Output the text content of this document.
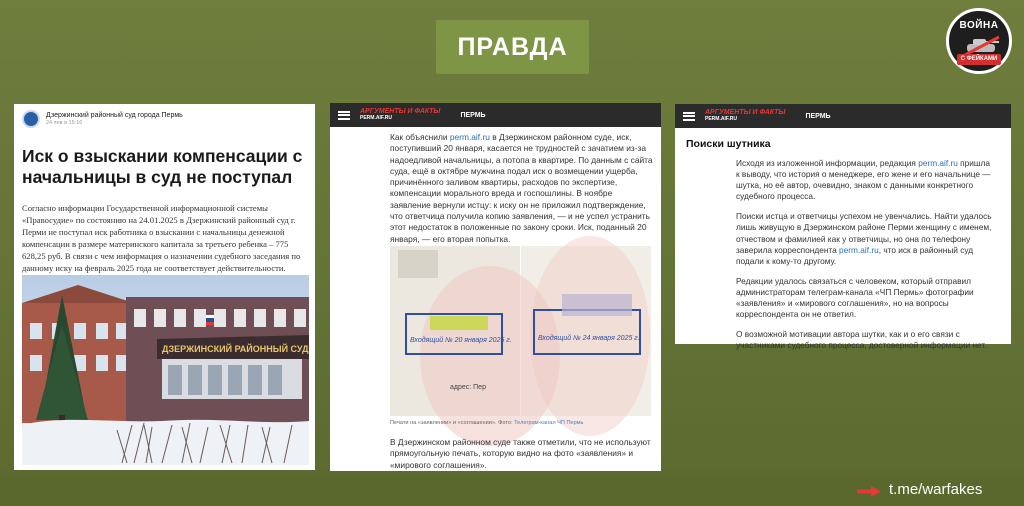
ПРАВДА
ВОЙНА
С ФЕЙКАМИ
Дзержинский районный суд города Пермь
24 янв в 15:16
Иск о взыскании компенсации с начальницы в суд не поступал
Согласно информации Государственной информационной системы «Правосудие» по состоянию на 24.01.2025 в Дзержинский районный суд г. Перми не поступал иск работника о взыскании с начальницы денежной компенсации в размере материнского капитала за третьего ребенка – 775 628,25 руб. В связи с чем информация о назначении судебного заседания по данному иску на февраль 2025 года не соответствует действительности.
ДЗЕРЖИНСКИЙ РАЙОННЫЙ СУД
АРГУМЕНТЫ И ФАКТЫ
PERM.AIF.RU	ПЕРМЬ
Как объяснили perm.aif.ru в Дзержинском районном суде, иск, поступивший 20 января, касается не трудностей с зачатием из-за надоедливой начальницы, а потопа в квартире. По данным с сайта суда, ещё в октябре мужчина подал иск о возмещении ущерба, причинённого заливом квартиры, расходов по экспертизе, компенсации морального вреда и госпошлины. В ноябре заявление вернули истцу: к иску он не приложил подтверждение, что ответчица получила копию заявления, — и не успел устранить этот недостаток в положенные по закону сроки. Иск, поданный 20 января, — его вторая попытка.
Входящий № 20 января 2025 г.	Входящий № 24 января 2025 г.
адрес: Пер
Печати на «заявлении» и «соглашении». Фото: Телеграм-канал ЧП Пермь
В Дзержинском районном суде также отметили, что не используют прямоугольную печать, которую видно на фото «заявления» и «мирового соглашения».
АРГУМЕНТЫ И ФАКТЫ
PERM.AIF.RU	ПЕРМЬ
Поиски шутника

Исходя из изложенной информации, редакция perm.aif.ru пришла к выводу, что история о менеджере, его жене и его начальнице — шутка, но её автор, очевидно, знаком с данными конкретного судебного процесса.

Поиски истца и ответчицы успехом не увенчались. Найти удалось лишь живущую в Дзержинском районе Перми женщину с именем, отчеством и фамилией как у ответчицы, но она по телефону заверила корреспондента perm.aif.ru, что иск в районный суд подали к кому-то другому.

Редакции удалось связаться с человеком, который отправил администраторам телеграм-канала «ЧП Пермь» фотографии «заявления» и «мирового соглашения», но на вопросы корреспондента он не ответил.

О возможной мотивации автора шутки, как и о его связи с участниками судебного процесса, достоверной информации нет.

t.me/warfakes
